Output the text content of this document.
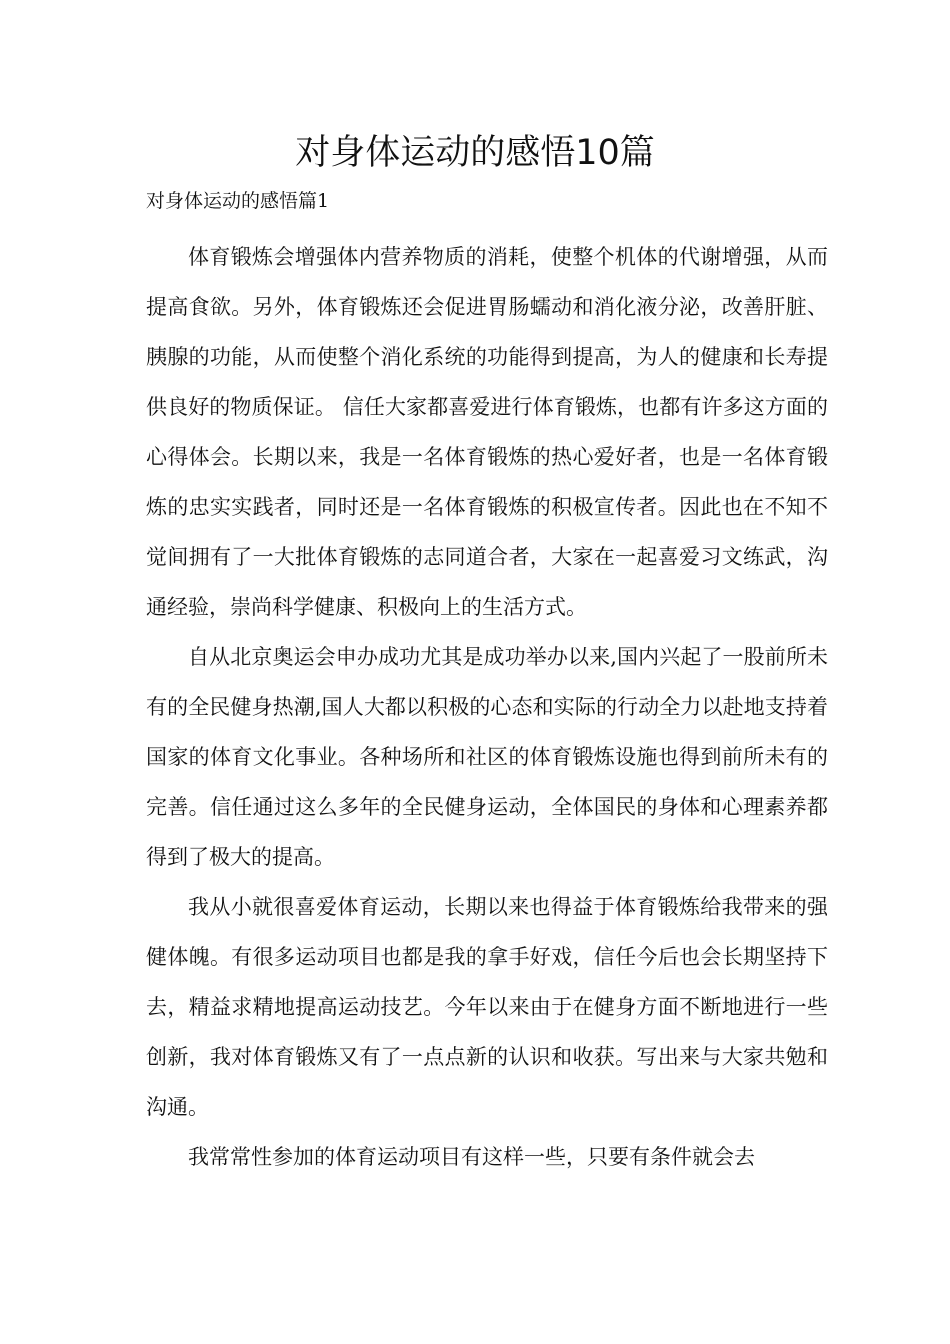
对身体运动的感悟10篇

对身体运动的感悟篇1

体育锻炼会增强体内营养物质的消耗，使整个机体的代谢增强，从而提高食欲。另外，体育锻炼还会促进胃肠蠕动和消化液分泌，改善肝脏、胰腺的功能，从而使整个消化系统的功能得到提高，为人的健康和长寿提供良好的物质保证。 信任大家都喜爱进行体育锻炼，也都有许多这方面的心得体会。长期以来，我是一名体育锻炼的热心爱好者，也是一名体育锻炼的忠实实践者，同时还是一名体育锻炼的积极宣传者。因此也在不知不觉间拥有了一大批体育锻炼的志同道合者，大家在一起喜爱习文练武，沟通经验，崇尚科学健康、积极向上的生活方式。

自从北京奥运会申办成功尤其是成功举办以来,国内兴起了一股前所未有的全民健身热潮,国人大都以积极的心态和实际的行动全力以赴地支持着国家的体育文化事业。各种场所和社区的体育锻炼设施也得到前所未有的完善。信任通过这么多年的全民健身运动，全体国民的身体和心理素养都得到了极大的提高。

我从小就很喜爱体育运动，长期以来也得益于体育锻炼给我带来的强健体魄。有很多运动项目也都是我的拿手好戏，信任今后也会长期坚持下去，精益求精地提高运动技艺。今年以来由于在健身方面不断地进行一些创新，我对体育锻炼又有了一点点新的认识和收获。写出来与大家共勉和沟通。

我常常性参加的体育运动项目有这样一些，只要有条件就会去
